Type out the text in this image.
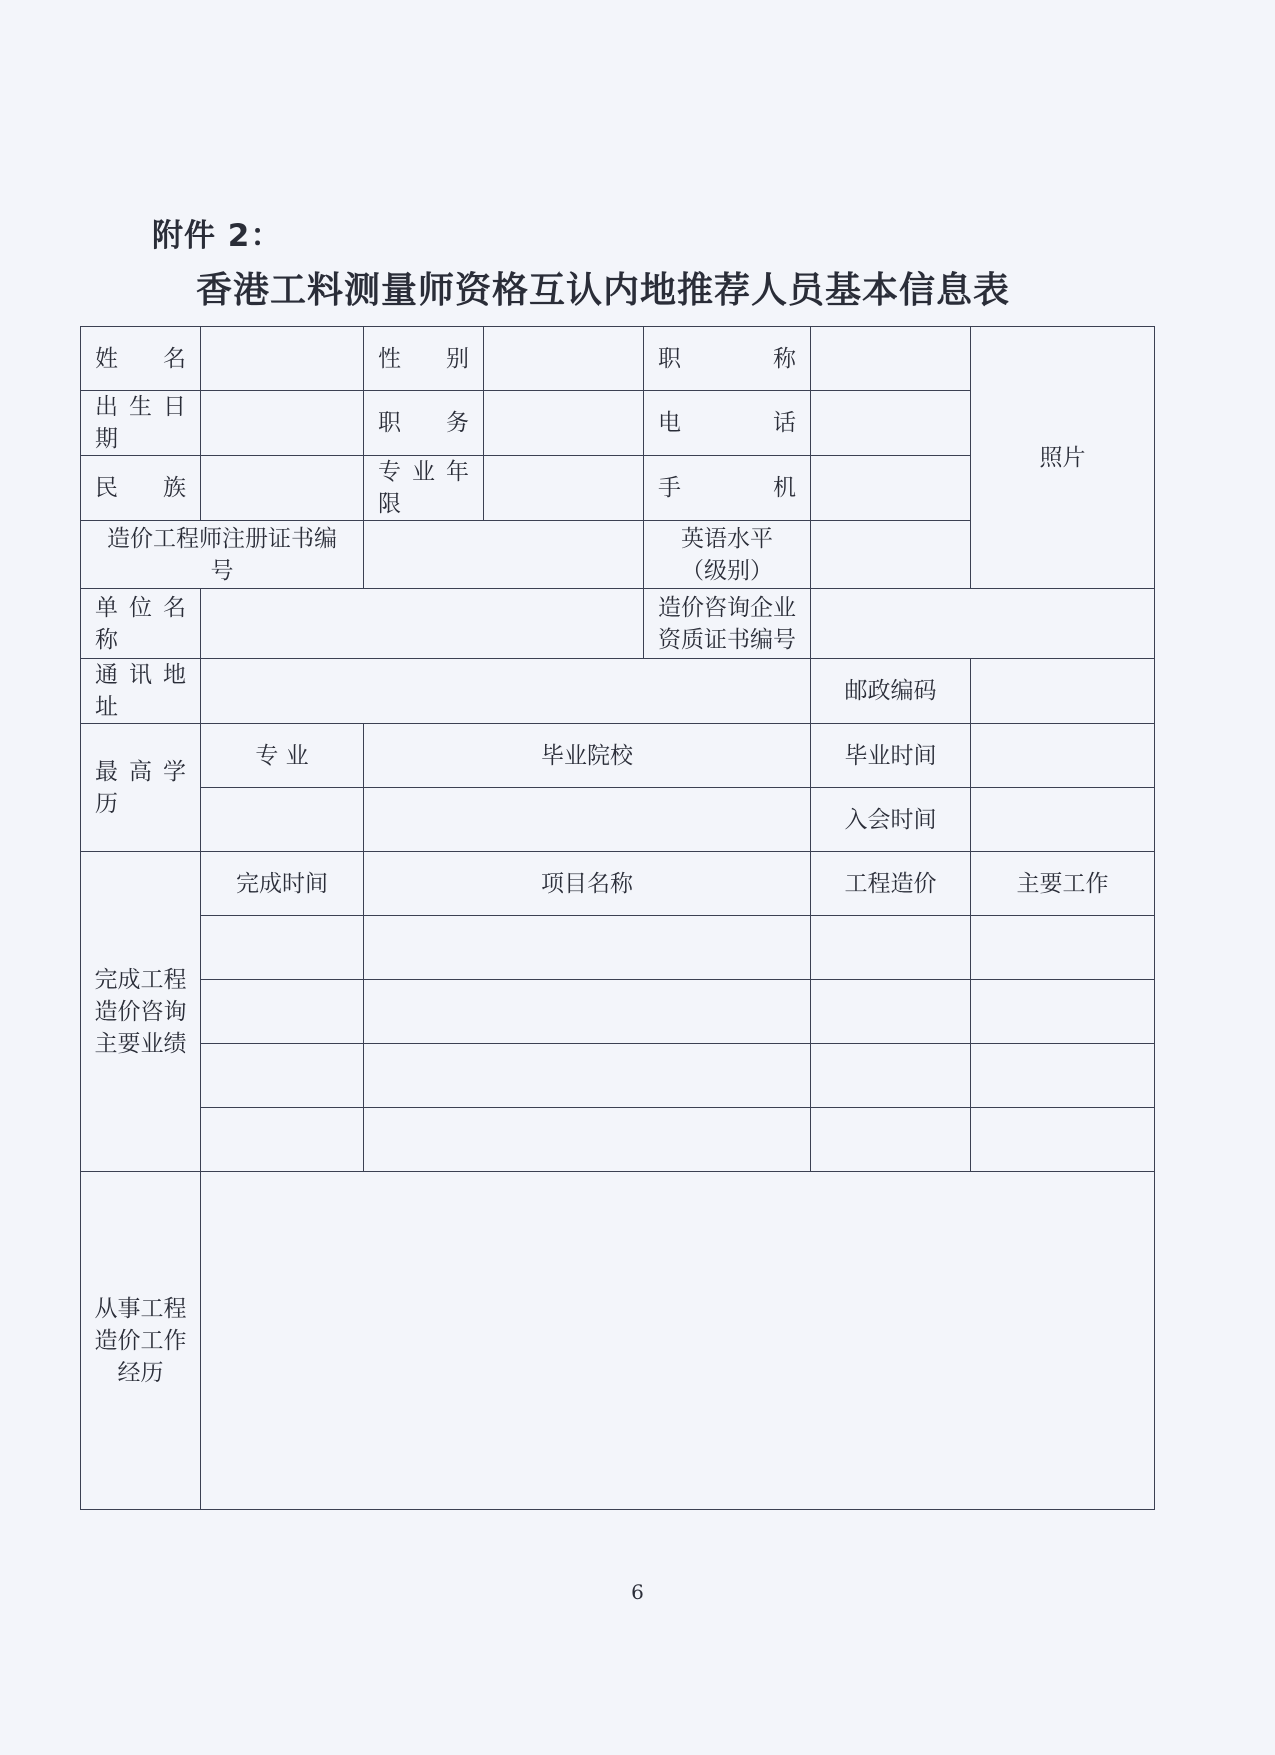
附件 2：
香港工料测量师资格互认内地推荐人员基本信息表
姓名		性别		职称		照片
出生日期		职务		电话		
民族		专业年限		手机		
造价工程师注册证书编号				英语水平（级别）		
单位名称				造价咨询企业资质证书编号		
通讯地址					邮政编码	
最高学历	专 业	毕业院校			毕业时间	
					入会时间	
完成工程造价咨询主要业绩	完成时间	项目名称			工程造价	主要工作

从事工程造价工作经历						
6
